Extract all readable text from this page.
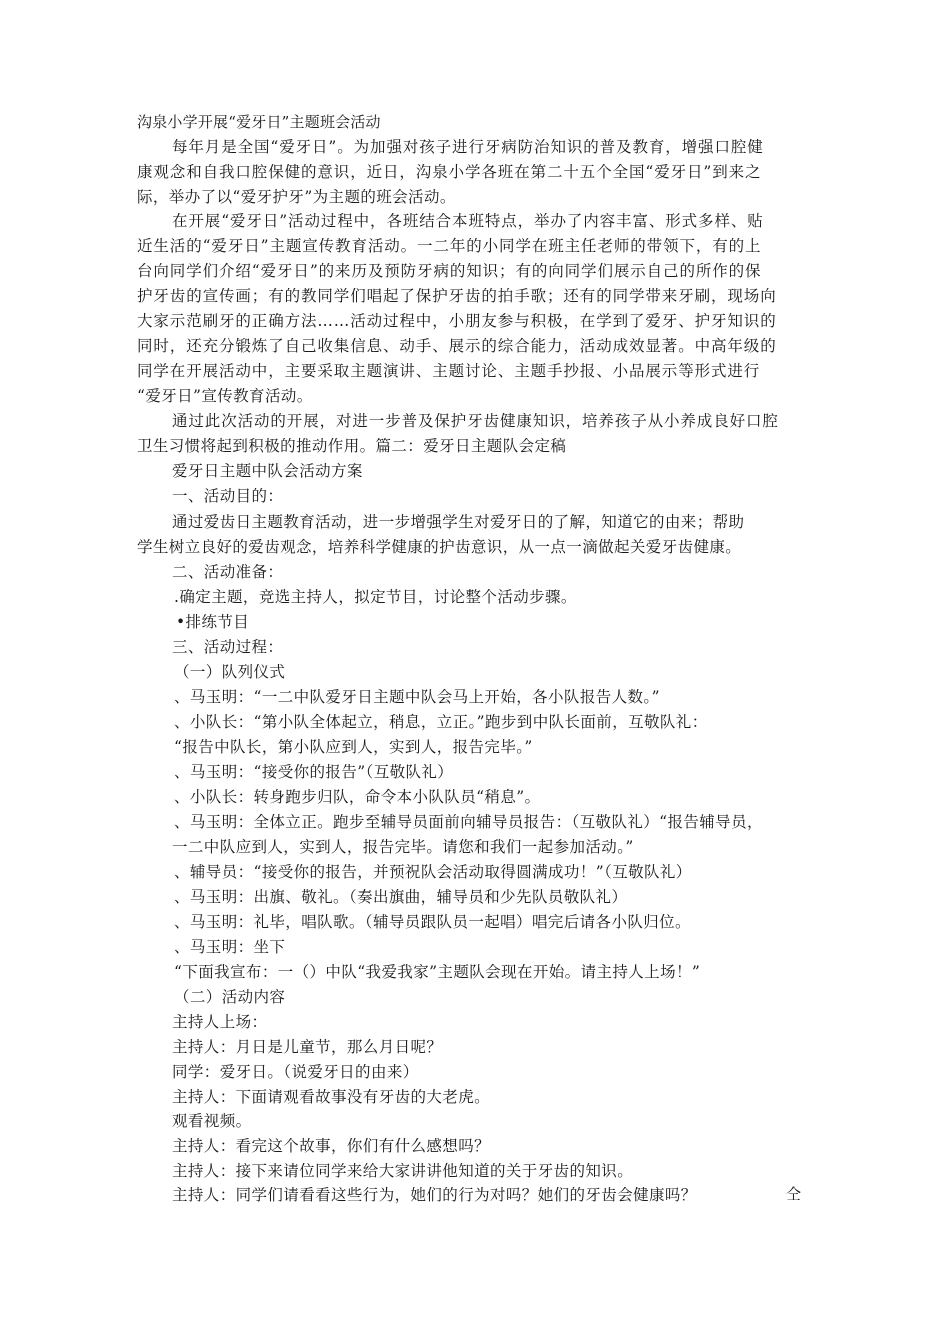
沟泉小学开展“爱牙日”主题班会活动
每年月是全国“爱牙日”。为加强对孩子进行牙病防治知识的普及教育，增强口腔健
康观念和自我口腔保健的意识，近日，沟泉小学各班在第二十五个全国“爱牙日”到来之
际，举办了以“爱牙护牙”为主题的班会活动。
在开展“爱牙日”活动过程中，各班结合本班特点，举办了内容丰富、形式多样、贴
近生活的“爱牙日”主题宣传教育活动。一二年的小同学在班主任老师的带领下，有的上
台向同学们介绍“爱牙日”的来历及预防牙病的知识；有的向同学们展示自己的所作的保
护牙齿的宣传画；有的教同学们唱起了保护牙齿的拍手歌；还有的同学带来牙刷，现场向
大家示范刷牙的正确方法……活动过程中，小朋友参与积极，在学到了爱牙、护牙知识的
同时，还充分锻炼了自己收集信息、动手、展示的综合能力，活动成效显著。中高年级的
同学在开展活动中，主要采取主题演讲、主题讨论、主题手抄报、小品展示等形式进行
“爱牙日”宣传教育活动。
通过此次活动的开展，对进一步普及保护牙齿健康知识，培养孩子从小养成良好口腔
卫生习惯将起到积极的推动作用。篇二：爱牙日主题队会定稿
爱牙日主题中队会活动方案
一、活动目的：
通过爱齿日主题教育活动，进一步增强学生对爱牙日的了解，知道它的由来；帮助
学生树立良好的爱齿观念，培养科学健康的护齿意识，从一点一滴做起关爱牙齿健康。
二、活动准备：
.确定主题，竞选主持人，拟定节目，讨论整个活动步骤。
•排练节目
三、活动过程：
（一）队列仪式
、马玉明：“一二中队爱牙日主题中队会马上开始，各小队报告人数。”
、小队长：“第小队全体起立，稍息，立正。”跑步到中队长面前，互敬队礼：
“报告中队长，第小队应到人，实到人，报告完毕。”
、马玉明：“接受你的报告”（互敬队礼）
、小队长：转身跑步归队，命令本小队队员“稍息”。
、马玉明：全体立正。跑步至辅导员面前向辅导员报告：（互敬队礼）“报告辅导员，
一二中队应到人，实到人，报告完毕。请您和我们一起参加活动。”
、辅导员：“接受你的报告，并预祝队会活动取得圆满成功！”（互敬队礼）
、马玉明：出旗、敬礼。（奏出旗曲，辅导员和少先队员敬队礼）
、马玉明：礼毕，唱队歌。（辅导员跟队员一起唱）唱完后请各小队归位。
、马玉明：坐下
“下面我宣布：一（）中队“我爱我家”主题队会现在开始。请主持人上场！”
（二）活动内容
主持人上场：
主持人：月日是儿童节，那么月日呢？
同学：爱牙日。（说爱牙日的由来）
主持人：下面请观看故事没有牙齿的大老虎。
观看视频。
主持人：看完这个故事，你们有什么感想吗？
主持人：接下来请位同学来给大家讲讲他知道的关于牙齿的知识。
主持人：同学们请看看这些行为，她们的行为对吗？她们的牙齿会健康吗？	仝
